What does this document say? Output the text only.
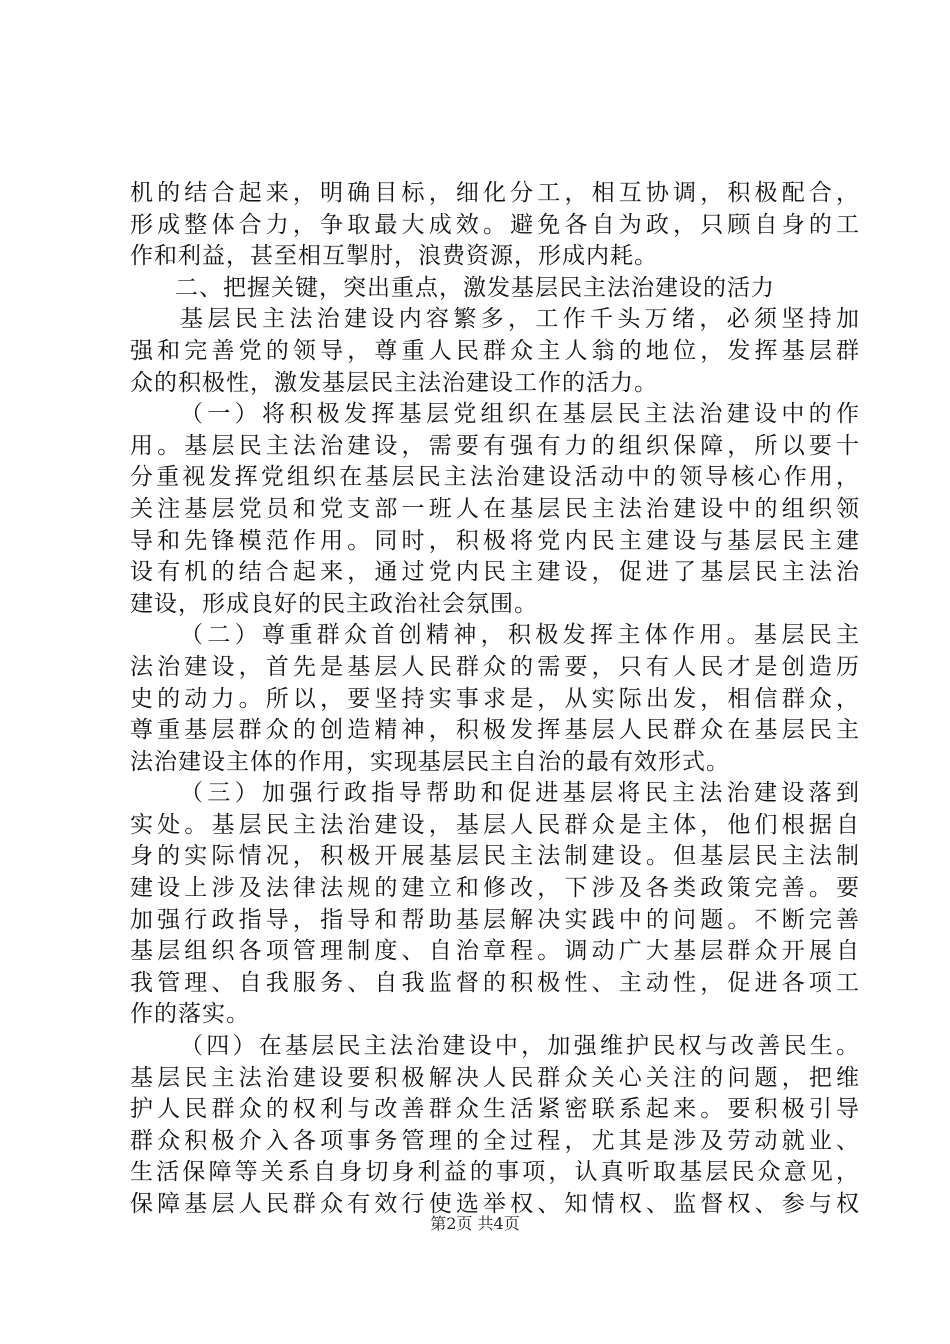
机的结合起来，明确目标，细化分工，相互协调，积极配合，
形成整体合力，争取最大成效。避免各自为政，只顾自身的工
作和利益，甚至相互掣肘，浪费资源，形成内耗。
二、把握关键，突出重点，激发基层民主法治建设的活力
基层民主法治建设内容繁多，工作千头万绪，必须坚持加
强和完善党的领导，尊重人民群众主人翁的地位，发挥基层群
众的积极性，激发基层民主法治建设工作的活力。
（一）将积极发挥基层党组织在基层民主法治建设中的作
用。基层民主法治建设，需要有强有力的组织保障，所以要十
分重视发挥党组织在基层民主法治建设活动中的领导核心作用，
关注基层党员和党支部一班人在基层民主法治建设中的组织领
导和先锋模范作用。同时，积极将党内民主建设与基层民主建
设有机的结合起来，通过党内民主建设，促进了基层民主法治
建设，形成良好的民主政治社会氛围。
（二）尊重群众首创精神，积极发挥主体作用。基层民主
法治建设，首先是基层人民群众的需要，只有人民才是创造历
史的动力。所以，要坚持实事求是，从实际出发，相信群众，
尊重基层群众的创造精神，积极发挥基层人民群众在基层民主
法治建设主体的作用，实现基层民主自治的最有效形式。
（三）加强行政指导帮助和促进基层将民主法治建设落到
实处。基层民主法治建设，基层人民群众是主体，他们根据自
身的实际情况，积极开展基层民主法制建设。但基层民主法制
建设上涉及法律法规的建立和修改，下涉及各类政策完善。要
加强行政指导，指导和帮助基层解决实践中的问题。不断完善
基层组织各项管理制度、自治章程。调动广大基层群众开展自
我管理、自我服务、自我监督的积极性、主动性，促进各项工
作的落实。
（四）在基层民主法治建设中，加强维护民权与改善民生。
基层民主法治建设要积极解决人民群众关心关注的问题，把维
护人民群众的权利与改善群众生活紧密联系起来。要积极引导
群众积极介入各项事务管理的全过程，尤其是涉及劳动就业、
生活保障等关系自身切身利益的事项，认真听取基层民众意见，
保障基层人民群众有效行使选举权、知情权、监督权、参与权
第2页 共4页
